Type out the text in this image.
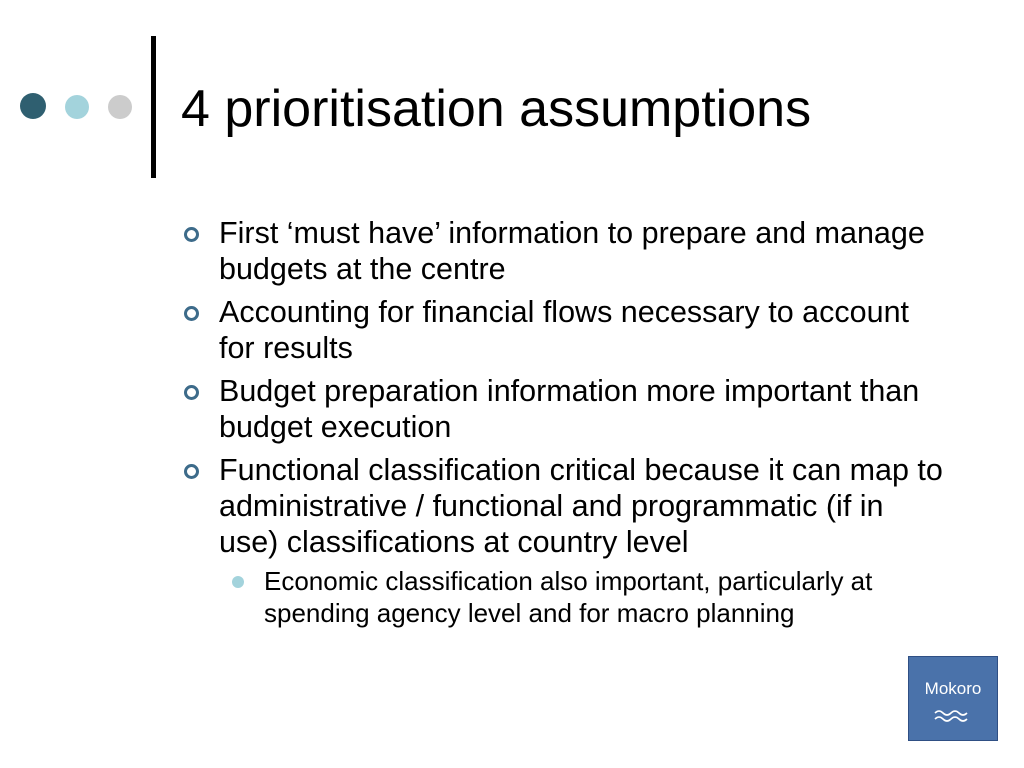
4 prioritisation assumptions
First ‘must have’ information to prepare and manage budgets at the centre
Accounting for financial flows necessary to account for results
Budget preparation information more important than budget execution
Functional classification critical because it can map to administrative / functional and programmatic (if in use) classifications at country level
Economic classification also important, particularly at spending agency level and for macro planning
Mokoro
